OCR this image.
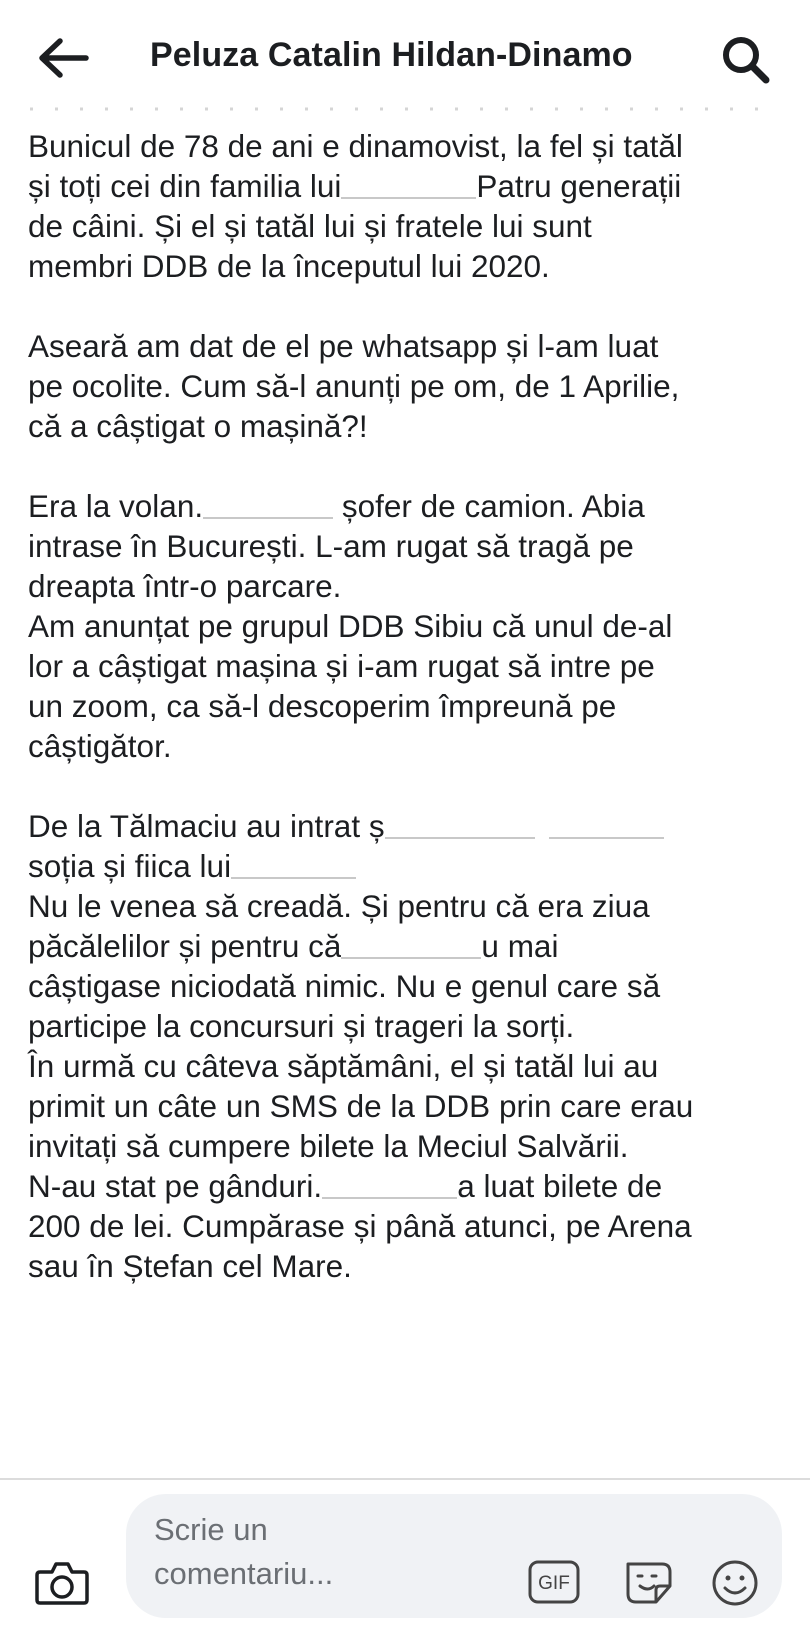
Peluza Catalin Hildan-Dinamo
Bunicul de 78 de ani e dinamovist, la fel și tatăl
și toți cei din familia lui	Patru generații
de câini. Și el și tatăl lui și fratele lui sunt
membri DDB de la începutul lui 2020.
Aseară am dat de el pe whatsapp și l-am luat
pe ocolite. Cum să-l anunți pe om, de 1 Aprilie,
că a câștigat o mașină?!
Era la volan.	șofer de camion. Abia
intrase în București. L-am rugat să tragă pe
dreapta într-o parcare.
Am anunțat pe grupul DDB Sibiu că unul de-al
lor a câștigat mașina și i-am rugat să intre pe
un zoom, ca să-l descoperim împreună pe
câștigător.
De la Tălmaciu au intrat ș
soția și fiica lui
Nu le venea să creadă. Și pentru că era ziua
păcălelilor și pentru că	u mai
câștigase niciodată nimic. Nu e genul care să
participe la concursuri și trageri la sorți.
În urmă cu câteva săptămâni, el și tatăl lui au
primit un câte un SMS de la DDB prin care erau
invitați să cumpere bilete la Meciul Salvării.
N-au stat pe gânduri.	a luat bilete de
200 de lei. Cumpărase și până atunci, pe Arena
sau în Ștefan cel Mare.
Scrie un
comentariu...	GIF
